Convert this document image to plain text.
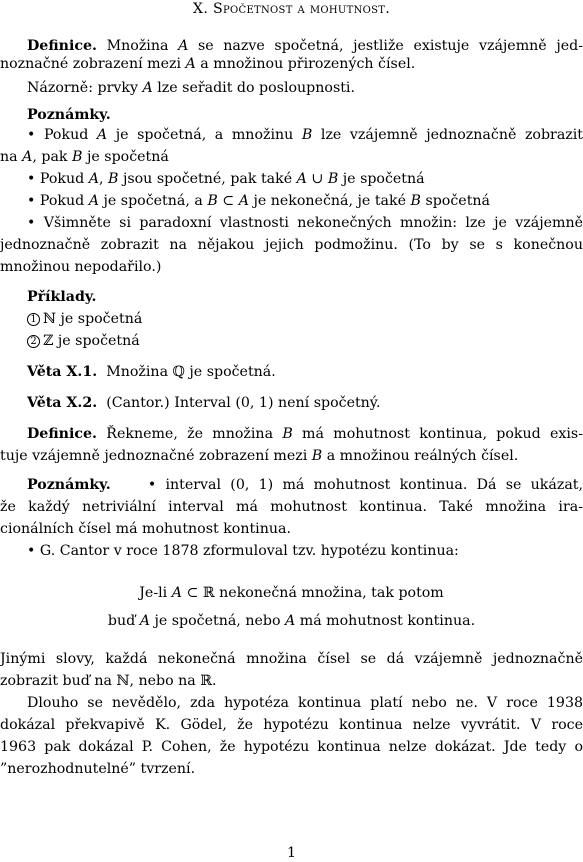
X. Spočetnost a mohutnost.
Definice. Množina A se nazve spočetná, jestliže existuje vzájemně jed-
noznačné zobrazení mezi A a množinou přirozených čísel.
Názorně: prvky A lze seřadit do posloupnosti.
Poznámky.
• Pokud A je spočetná, a množinu B lze vzájemně jednoznačně zobrazit
na A, pak B je spočetná
• Pokud A, B jsou spočetné, pak také A ∪ B je spočetná
• Pokud A je spočetná, a B ⊂ A je nekonečná, je také B spočetná
• Všimněte si paradoxní vlastnosti nekonečných množin: lze je vzájemně
jednoznačně zobrazit na nějakou jejich podmožinu. (To by se s konečnou
množinou nepodařilo.)
Příklady.
1 ℕ je spočetná
2 ℤ je spočetná
Věta X.1.  Množina ℚ je spočetná.
Věta X.2.  (Cantor.) Interval (0, 1) není spočetný.
Definice. Řekneme, že množina B má mohutnost kontinua, pokud exis-
tuje vzájemně jednoznačné zobrazení mezi B a množinou reálných čísel.
Poznámky.    • interval (0, 1) má mohutnost kontinua. Dá se ukázat,
že každý netriviální interval má mohutnost kontinua. Také množina ira-
cionálních čísel má mohutnost kontinua.
• G. Cantor v roce 1878 zformuloval tzv. hypotézu kontinua:
Je-li A ⊂ ℝ nekonečná množina, tak potom
buď A je spočetná, nebo A má mohutnost kontinua.
Jinými slovy, každá nekonečná množina čísel se dá vzájemně jednoznačně
zobrazit buď na ℕ, nebo na ℝ.
Dlouho se nevědělo, zda hypotéza kontinua platí nebo ne. V roce 1938
dokázal překvapivě K. Gödel, že hypotézu kontinua nelze vyvrátit. V roce
1963 pak dokázal P. Cohen, že hypotézu kontinua nelze dokázat. Jde tedy o
”nerozhodnutelné” tvrzení.
1
